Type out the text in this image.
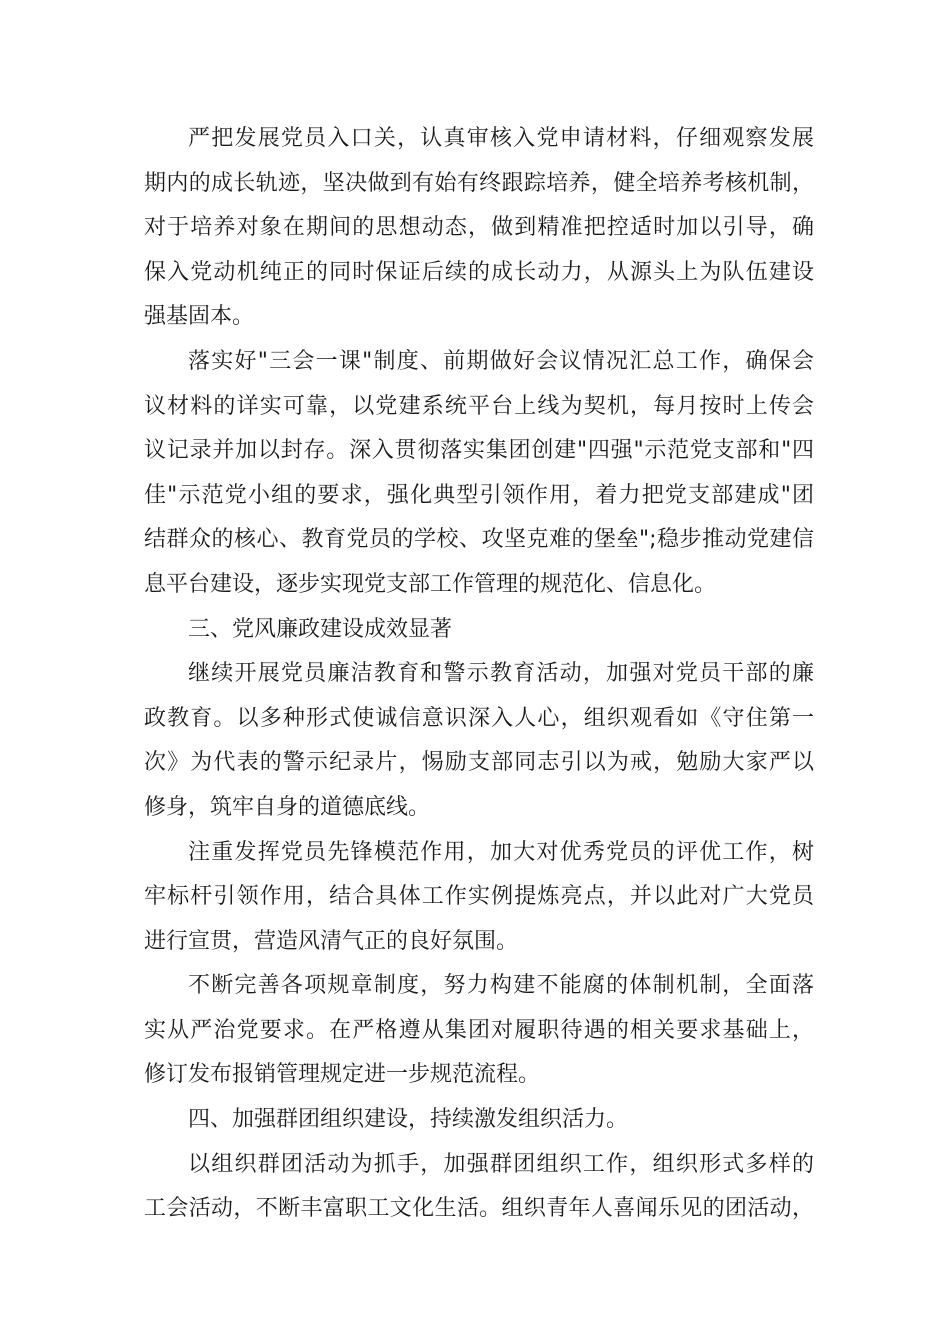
严把发展党员入口关，认真审核入党申请材料，仔细观察发展
期内的成长轨迹，坚决做到有始有终跟踪培养，健全培养考核机制，
对于培养对象在期间的思想动态，做到精准把控适时加以引导，确
保入党动机纯正的同时保证后续的成长动力，从源头上为队伍建设
强基固本。
落实好"三会一课"制度、前期做好会议情况汇总工作，确保会
议材料的详实可靠，以党建系统平台上线为契机，每月按时上传会
议记录并加以封存。深入贯彻落实集团创建"四强"示范党支部和"四
佳"示范党小组的要求，强化典型引领作用，着力把党支部建成"团
结群众的核心、教育党员的学校、攻坚克难的堡垒";稳步推动党建信
息平台建设，逐步实现党支部工作管理的规范化、信息化。
三、党风廉政建设成效显著
继续开展党员廉洁教育和警示教育活动，加强对党员干部的廉
政教育。以多种形式使诚信意识深入人心，组织观看如《守住第一
次》为代表的警示纪录片，惕励支部同志引以为戒，勉励大家严以
修身，筑牢自身的道德底线。
注重发挥党员先锋模范作用，加大对优秀党员的评优工作，树
牢标杆引领作用，结合具体工作实例提炼亮点，并以此对广大党员
进行宣贯，营造风清气正的良好氛围。
不断完善各项规章制度，努力构建不能腐的体制机制，全面落
实从严治党要求。在严格遵从集团对履职待遇的相关要求基础上，
修订发布报销管理规定进一步规范流程。
四、加强群团组织建设，持续激发组织活力。
以组织群团活动为抓手，加强群团组织工作，组织形式多样的
工会活动，不断丰富职工文化生活。组织青年人喜闻乐见的团活动，
